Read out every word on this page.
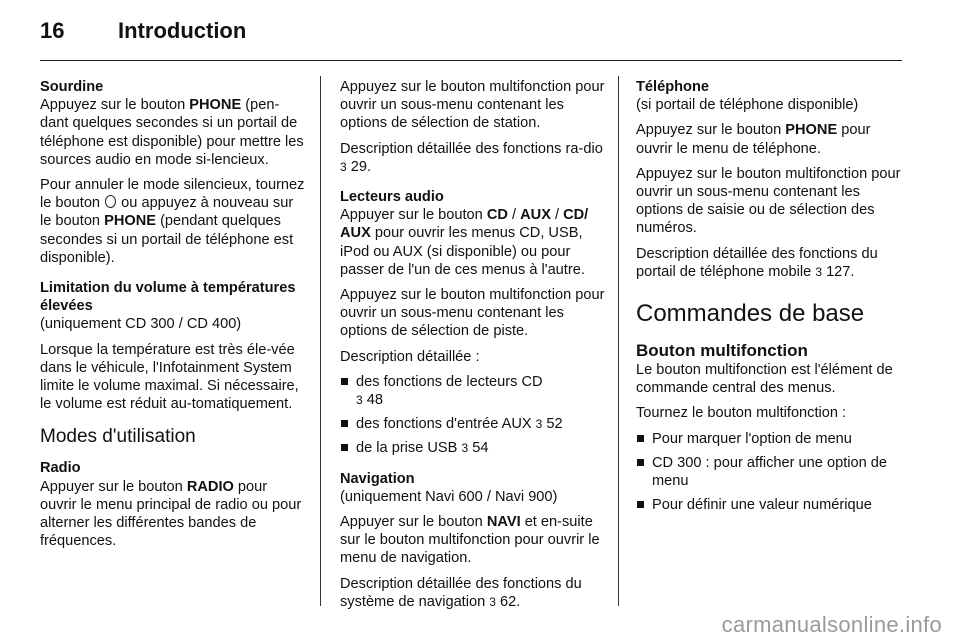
16 Introduction
Sourdine

Appuyez sur le bouton PHONE (pen-dant quelques secondes si un portail de téléphone est disponible) pour mettre les sources audio en mode si-lencieux.

Pour annuler le mode silencieux, tournez le bouton  ou appuyez à nouveau sur le bouton PHONE (pendant quelques secondes si un portail de téléphone est disponible).

Limitation du volume à températures élevées

(uniquement CD 300 / CD 400)

Lorsque la température est très éle-vée dans le véhicule, l'Infotainment System limite le volume maximal. Si nécessaire, le volume est réduit au-tomatiquement.

Modes d'utilisation
Radio

Appuyer sur le bouton RADIO pour ouvrir le menu principal de radio ou pour alterner les différentes bandes de fréquences.

Appuyez sur le bouton multifonction pour ouvrir un sous-menu contenant les options de sélection de station.

Description détaillée des fonctions ra-dio 3 29.

Lecteurs audio

Appuyer sur le bouton CD / AUX / CD/ AUX pour ouvrir les menus CD, USB, iPod ou AUX (si disponible) ou pour passer de l'un de ces menus à l'autre.

Appuyez sur le bouton multifonction pour ouvrir un sous-menu contenant les options de sélection de piste.

Description détaillée :

des fonctions de lecteurs CD
3 48
des fonctions d'entrée AUX 3 52
de la prise USB 3 54
Navigation

(uniquement Navi 600 / Navi 900)

Appuyer sur le bouton NAVI et en-suite sur le bouton multifonction pour ouvrir le menu de navigation.

Description détaillée des fonctions du système de navigation 3 62.

Téléphone

(si portail de téléphone disponible)

Appuyez sur le bouton PHONE pour ouvrir le menu de téléphone.

Appuyez sur le bouton multifonction pour ouvrir un sous-menu contenant les options de saisie ou de sélection des numéros.

Description détaillée des fonctions du portail de téléphone mobile 3 127.

Commandes de base
Bouton multifonction

Le bouton multifonction est l'élément de commande central des menus.

Tournez le bouton multifonction :

Pour marquer l'option de menu
CD 300 : pour afficher une option de menu
Pour définir une valeur numérique
carmanualsonline.info
